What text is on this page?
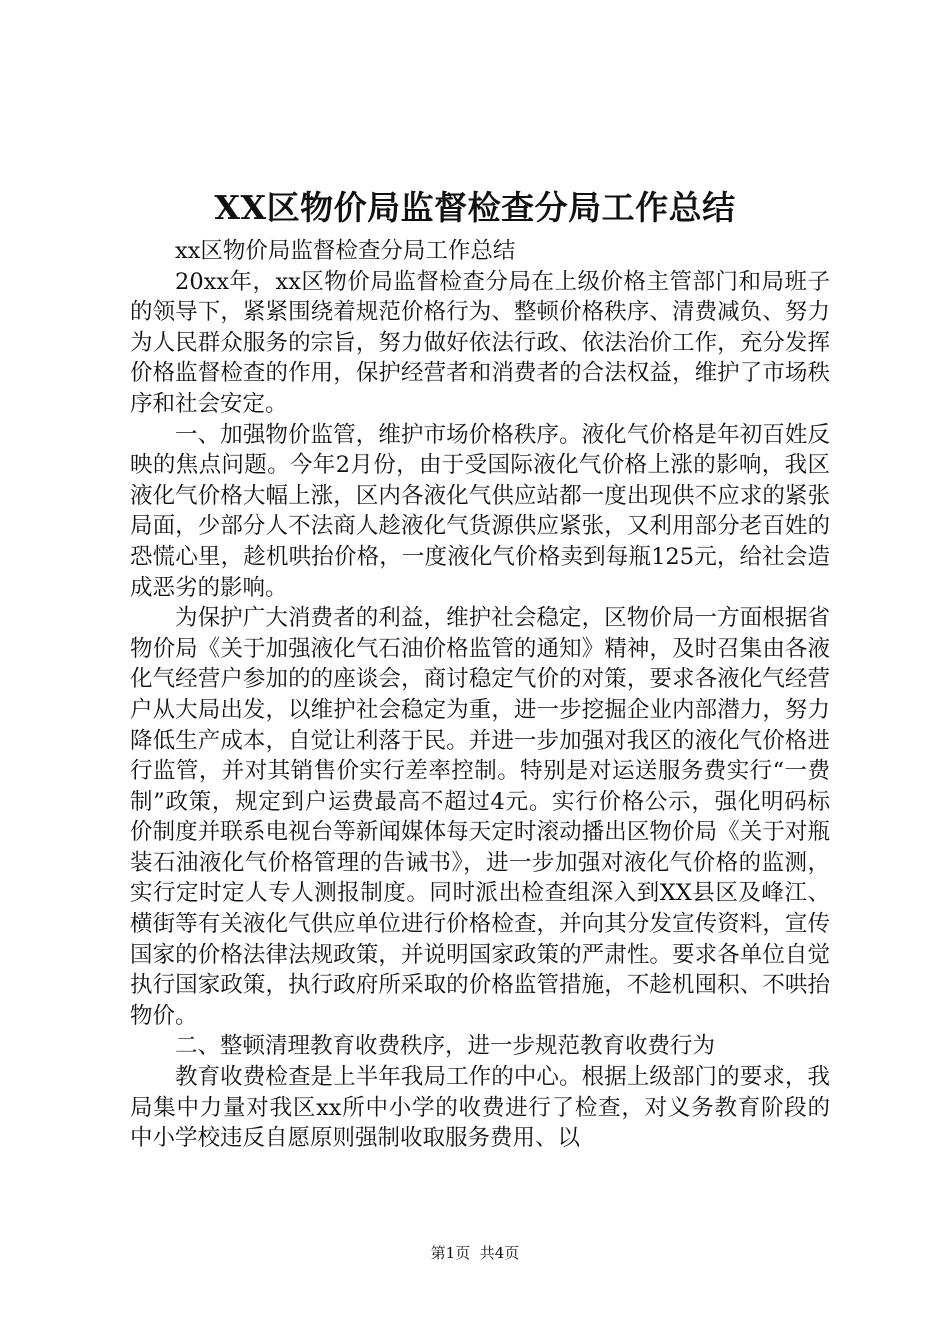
XX区物价局监督检查分局工作总结

xx区物价局监督检查分局工作总结

20xx年，xx区物价局监督检查分局在上级价格主管部门和局班子的领导下，紧紧围绕着规范价格行为、整顿价格秩序、清费减负、努力为人民群众服务的宗旨，努力做好依法行政、依法治价工作，充分发挥价格监督检查的作用，保护经营者和消费者的合法权益，维护了市场秩序和社会安定。

一、加强物价监管，维护市场价格秩序。液化气价格是年初百姓反映的焦点问题。今年2月份，由于受国际液化气价格上涨的影响，我区液化气价格大幅上涨，区内各液化气供应站都一度出现供不应求的紧张局面，少部分人不法商人趁液化气货源供应紧张，又利用部分老百姓的恐慌心里，趁机哄抬价格，一度液化气价格卖到每瓶125元，给社会造成恶劣的影响。

为保护广大消费者的利益，维护社会稳定，区物价局一方面根据省物价局《关于加强液化气石油价格监管的通知》精神，及时召集由各液化气经营户参加的的座谈会，商讨稳定气价的对策，要求各液化气经营户从大局出发，以维护社会稳定为重，进一步挖掘企业内部潜力，努力降低生产成本，自觉让利落于民。并进一步加强对我区的液化气价格进行监管，并对其销售价实行差率控制。特别是对运送服务费实行“一费制”政策，规定到户运费最高不超过4元。实行价格公示，强化明码标价制度并联系电视台等新闻媒体每天定时滚动播出区物价局《关于对瓶装石油液化气价格管理的告诫书》，进一步加强对液化气价格的监测，实行定时定人专人测报制度。同时派出检查组深入到XX县区及峰江、横街等有关液化气供应单位进行价格检查，并向其分发宣传资料，宣传国家的价格法律法规政策，并说明国家政策的严肃性。要求各单位自觉执行国家政策，执行政府所采取的价格监管措施，不趁机囤积、不哄抬物价。

二、整顿清理教育收费秩序，进一步规范教育收费行为

教育收费检查是上半年我局工作的中心。根据上级部门的要求，我局集中力量对我区xx所中小学的收费进行了检查，对义务教育阶段的中小学校违反自愿原则强制收取服务费用、以

第1页 共4页
